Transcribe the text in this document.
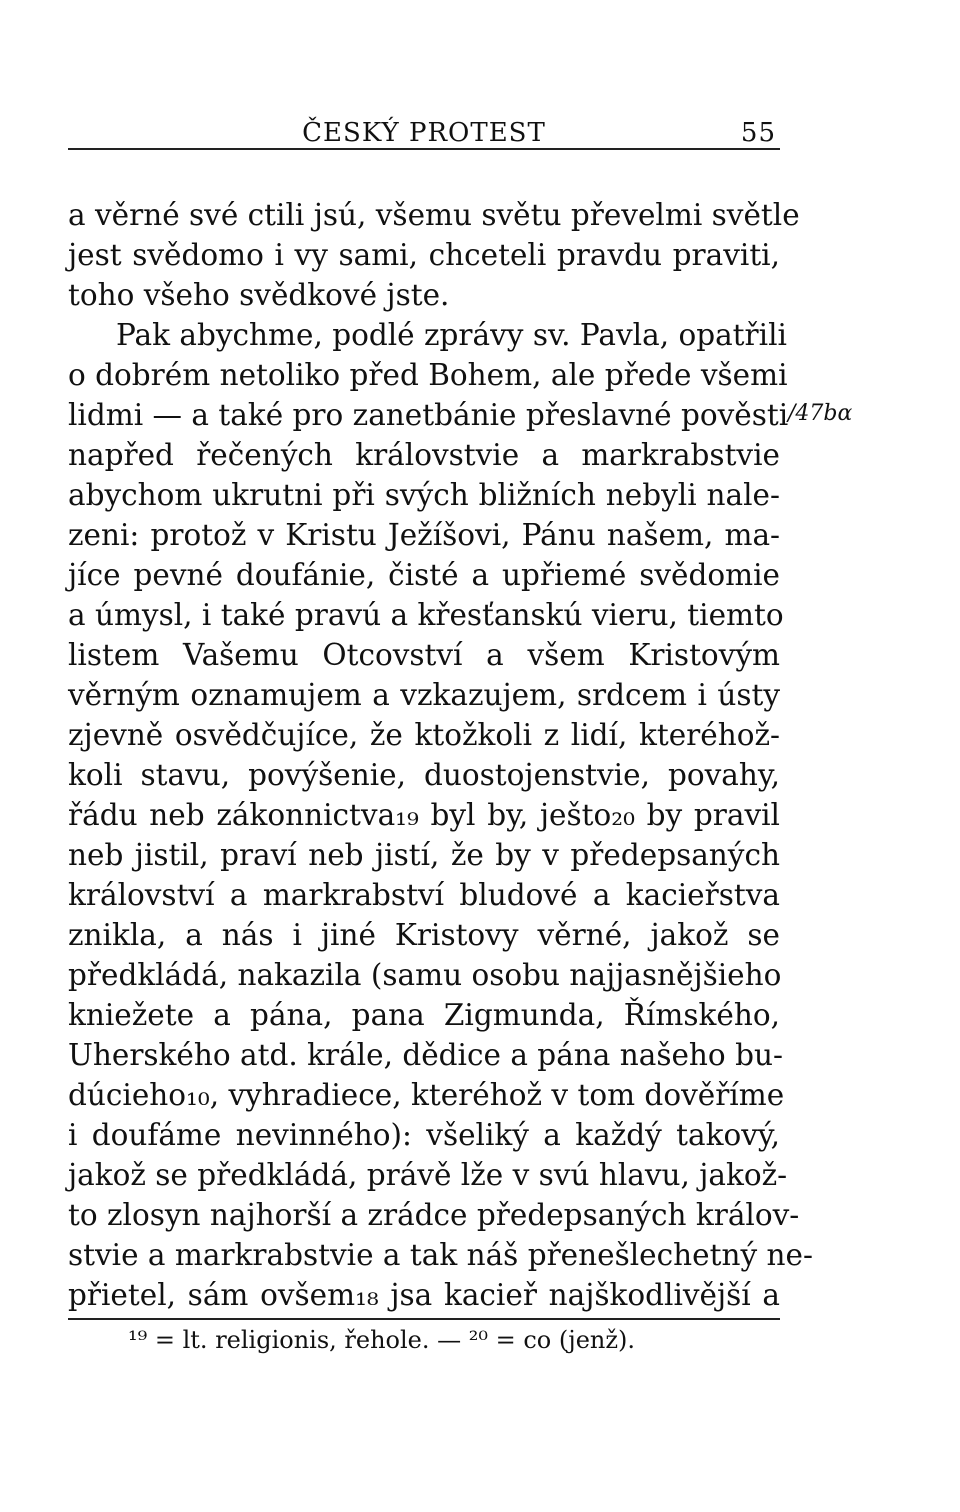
ČESKÝ PROTEST	55
a věrné své ctili jsú, všemu světu převelmi světle
jest svědomo i vy sami, chceteli pravdu praviti,
toho všeho svědkové jste.
Pak abychme, podlé zprávy sv. Pavla, opatřili
o dobrém netoliko před Bohem, ale přede všemi
lidmi — a také pro zanetbánie přeslavné pověsti
napřed řečených královstvie a markrabstvie
abychom ukrutni při svých bližních nebyli nale-
zeni: protož v Kristu Ježíšovi, Pánu našem, ma-
jíce pevné doufánie, čisté a upřiemé svědomie
a úmysl, i také pravú a křesťanskú vieru, tiemto
listem Vašemu Otcovství a všem Kristovým
věrným oznamujem a vzkazujem, srdcem i ústy
zjevně osvědčujíce, že ktožkoli z lidí, kteréhož-
koli stavu, povýšenie, duostojenstvie, povahy,
řádu neb zákonnictva₁₉ byl by, ješto₂₀ by pravil
neb jistil, praví neb jistí, že by v předepsaných
království a markrabství bludové a kacieřstva
znikla, a nás i jiné Kristovy věrné, jakož se
předkládá, nakazila (samu osobu najjasnějšieho
kniežete a pána, pana Zigmunda, Římského,
Uherského atd. krále, dědice a pána našeho bu-
dúcieho₁₀, vyhradiece, kteréhož v tom dověříme
i doufáme nevinného): všeliký a každý takový,
jakož se předkládá, právě lže v svú hlavu, jakož-
to zlosyn najhorší a zrádce předepsaných králov-
stvie a markrabstvie a tak náš přenešlechetný ne-
přietel, sám ovšem₁₈ jsa kacieř najškodlivější a
/47bα
¹⁹ = lt. religionis, řehole. — ²⁰ = co (jenž).
